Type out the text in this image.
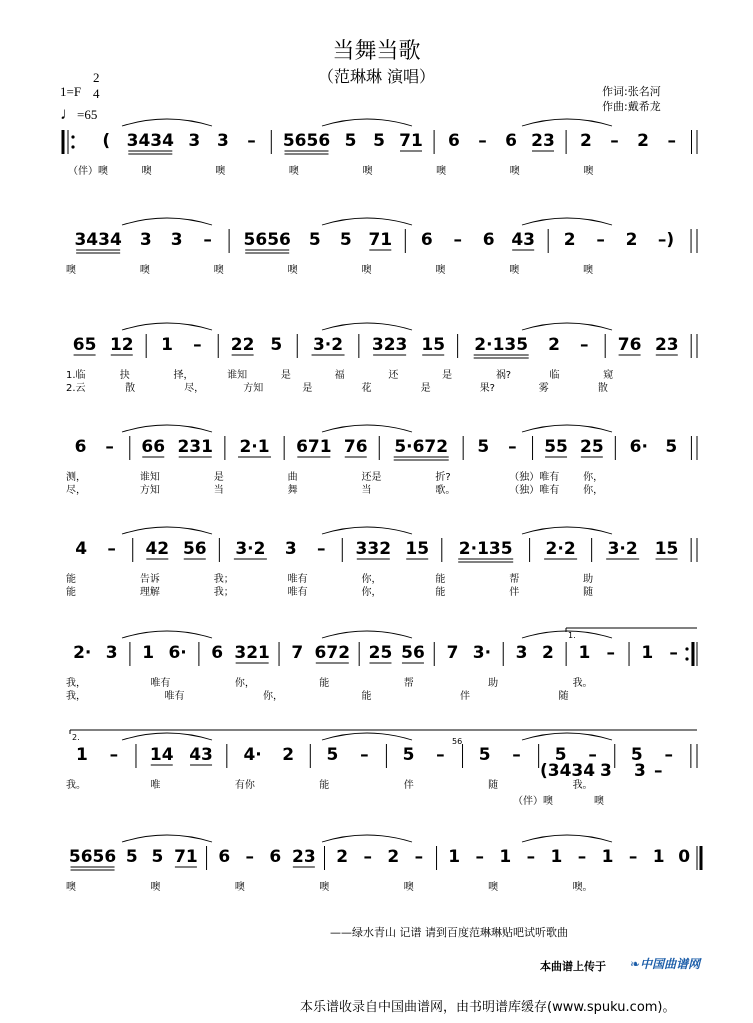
当舞当歌
（范琳琳 演唱）
1=F
2
4
♩=65
作词:张名河
作曲:戴希龙
( 3434 3 3 – 5656 5 5 71 6 – 6 23 2 – 2 –
（伴）噢	噢	噢	噢	噢	噢	噢	噢
3434 3 3 – 5656 5 5 71 6 – 6 43 2 – 2 –)
噢	噢	噢	噢	噢	噢	噢	噢
65 12 1 – 22 5 3·2 323 15 2·135 2 – 76 23
1.临	抉	择，	谁知	是	福	还	是	祸?	临	窥
2.云	散	尽，	方知	是	花	是	果?	雾	散
6 – 66 231 2·1 671 76 5·672 5 – 55 25 6· 5
测，	谁知	是	曲	还是	折?	（独）唯有 你，
尽，	方知	当	舞	当	歌。	（独）唯有 你，
4 – 42 56 3·2 3 – 332 15 2·135 2·2 3·2 15
能	告诉	我；	唯有	你，	能	帮	助
能	理解	我；	唯有	你，	能	伴	随
2· 3 1 6· 6 321 7 672 25 56 7 3· 3 2 1 – 1 –
我，	唯有	你，	能	帮	助	我。
我，	唯有	你，	能	伴	随
1 – 14 43 4· 2 5 – 5 – 5 – 5 – 5 –
我。	唯	有你	能	伴	随	我。
1.
2.	56
(3434 3 3 –
（伴）噢	噢
5656 5 5 71 6 – 6 23 2 – 2 – 1 – 1 – 1 – 1 – 1 0
噢	噢	噢	噢	噢	噢	噢。
——绿水青山 记谱 请到百度范琳琳贴吧试听歌曲
本曲谱上传于 ❧中国曲谱网
本乐谱收录自中国曲谱网，由书明谱库缓存(www.spuku.com)。
